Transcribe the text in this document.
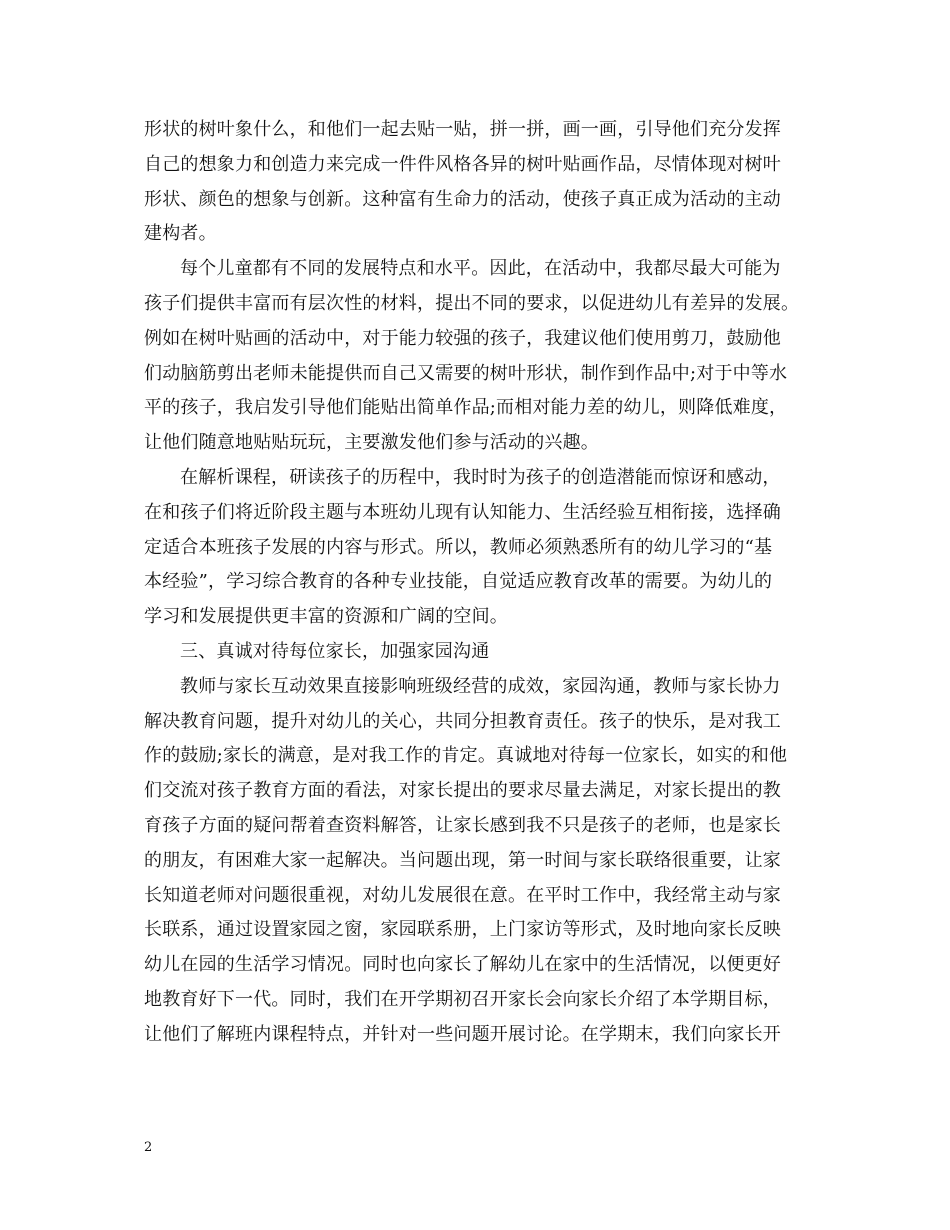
形状的树叶象什么，和他们一起去贴一贴，拼一拼，画一画，引导他们充分发挥
自己的想象力和创造力来完成一件件风格各异的树叶贴画作品，尽情体现对树叶
形状、颜色的想象与创新。这种富有生命力的活动，使孩子真正成为活动的主动
建构者。
每个儿童都有不同的发展特点和水平。因此，在活动中，我都尽最大可能为
孩子们提供丰富而有层次性的材料，提出不同的要求，以促进幼儿有差异的发展。
例如在树叶贴画的活动中，对于能力较强的孩子，我建议他们使用剪刀，鼓励他
们动脑筋剪出老师未能提供而自己又需要的树叶形状，制作到作品中;对于中等水
平的孩子，我启发引导他们能贴出简单作品;而相对能力差的幼儿，则降低难度，
让他们随意地贴贴玩玩，主要激发他们参与活动的兴趣。
在解析课程，研读孩子的历程中，我时时为孩子的创造潜能而惊讶和感动，
在和孩子们将近阶段主题与本班幼儿现有认知能力、生活经验互相衔接，选择确
定适合本班孩子发展的内容与形式。所以，教师必须熟悉所有的幼儿学习的“基
本经验”，学习综合教育的各种专业技能，自觉适应教育改革的需要。为幼儿的
学习和发展提供更丰富的资源和广阔的空间。
三、真诚对待每位家长，加强家园沟通
教师与家长互动效果直接影响班级经营的成效，家园沟通，教师与家长协力
解决教育问题，提升对幼儿的关心，共同分担教育责任。孩子的快乐，是对我工
作的鼓励;家长的满意，是对我工作的肯定。真诚地对待每一位家长，如实的和他
们交流对孩子教育方面的看法，对家长提出的要求尽量去满足，对家长提出的教
育孩子方面的疑问帮着查资料解答，让家长感到我不只是孩子的老师，也是家长
的朋友，有困难大家一起解决。当问题出现，第一时间与家长联络很重要，让家
长知道老师对问题很重视，对幼儿发展很在意。在平时工作中，我经常主动与家
长联系，通过设置家园之窗，家园联系册，上门家访等形式，及时地向家长反映
幼儿在园的生活学习情况。同时也向家长了解幼儿在家中的生活情况，以便更好
地教育好下一代。同时，我们在开学期初召开家长会向家长介绍了本学期目标，
让他们了解班内课程特点，并针对一些问题开展讨论。在学期末，我们向家长开
2
